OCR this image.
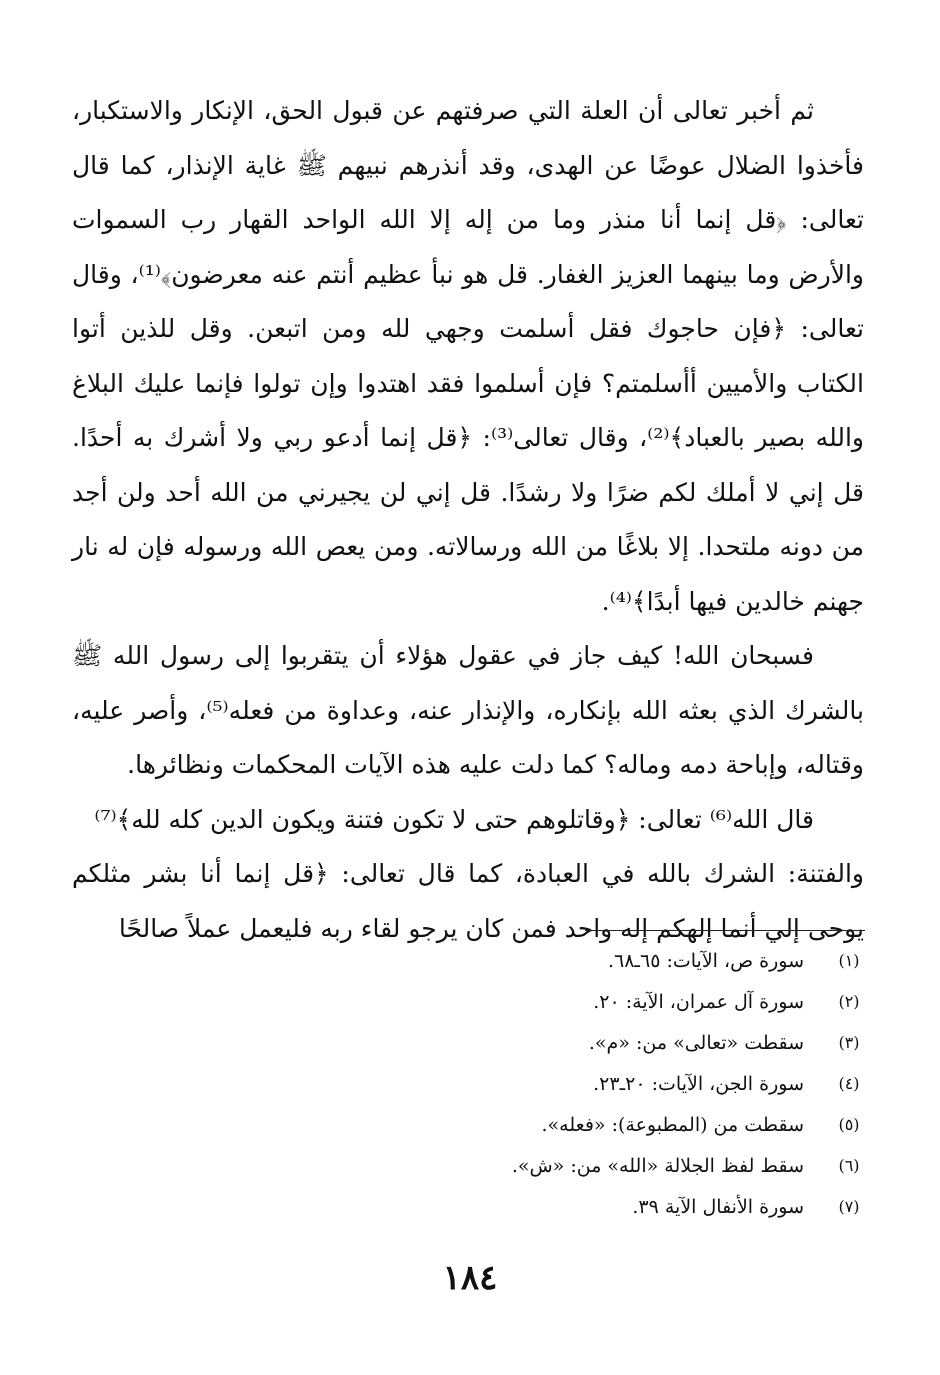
ثم أخبر تعالى أن العلة التي صرفتهم عن قبول الحق، الإنكار والاستكبار، فأخذوا الضلال عوضًا عن الهدى، وقد أنذرهم نبيهم ﷺ غاية الإنذار، كما قال تعالى: ﴿قل إنما أنا منذر وما من إله إلا الله الواحد القهار رب السموات والأرض وما بينهما العزيز الغفار. قل هو نبأ عظيم أنتم عنه معرضون﴾⁽¹⁾، وقال تعالى: ﴿فإن حاجوك فقل أسلمت وجهي لله ومن اتبعن. وقل للذين أتوا الكتاب والأميين أأسلمتم؟ فإن أسلموا فقد اهتدوا وإن تولوا فإنما عليك البلاغ والله بصير بالعباد﴾⁽²⁾، وقال تعالى⁽³⁾: ﴿قل إنما أدعو ربي ولا أشرك به أحدًا. قل إني لا أملك لكم ضرًا ولا رشدًا. قل إني لن يجيرني من الله أحد ولن أجد من دونه ملتحدا. إلا بلاغًا من الله ورسالاته. ومن يعص الله ورسوله فإن له نار جهنم خالدين فيها أبدًا﴾⁽⁴⁾.

فسبحان الله! كيف جاز في عقول هؤلاء أن يتقربوا إلى رسول الله ﷺ بالشرك الذي بعثه الله بإنكاره، والإنذار عنه، وعداوة من فعله⁽⁵⁾، وأصر عليه، وقتاله، وإباحة دمه وماله؟ كما دلت عليه هذه الآيات المحكمات ونظائرها.

قال الله⁽⁶⁾ تعالى: ﴿وقاتلوهم حتى لا تكون فتنة ويكون الدين كله لله﴾⁽⁷⁾

والفتنة: الشرك بالله في العبادة، كما قال تعالى: ﴿قل إنما أنا بشر مثلكم يوحى إلي أنما إلهكم إله واحد فمن كان يرجو لقاء ربه فليعمل عملاً صالحًا

(١)
سورة ص، الآيات: ٦٥ـ٦٨.
(٢)
سورة آل عمران، الآية: ٢٠.
(٣)
سقطت «تعالى» من: «م».
(٤)
سورة الجن، الآيات: ٢٠ـ٢٣.
(٥)
سقطت من (المطبوعة): «فعله».
(٦)
سقط لفظ الجلالة «الله» من: «ش».
(٧)
سورة الأنفال الآية ٣٩.
١٨٤
